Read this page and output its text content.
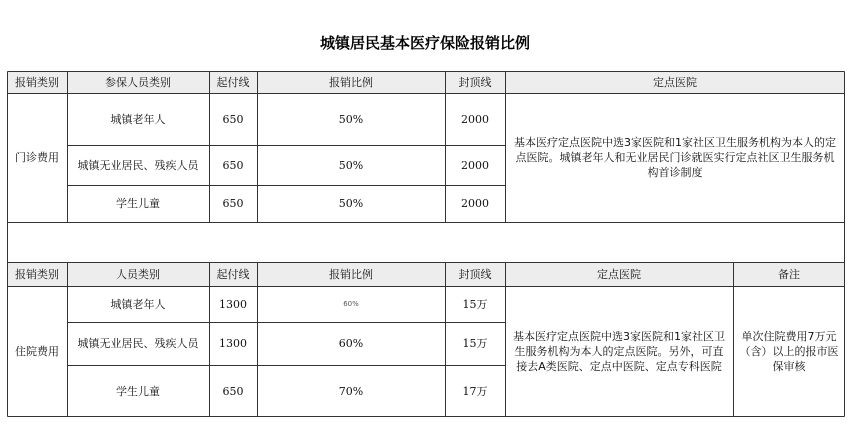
城镇居民基本医疗保险报销比例
报销类别	参保人员类别	起付线	报销比例	封顶线	定点医院
门诊费用
城镇老年人	650	50%	2000
城镇无业居民、残疾人员	650	50%	2000
学生儿童	650	50%	2000
基本医疗定点医院中选3家医院和1家社区卫生服务机构为本人的定点医院。城镇老年人和无业居民门诊就医实行定点社区卫生服务机构首诊制度
报销类别	人员类别	起付线	报销比例	封顶线	定点医院	备注
住院费用
城镇老年人	1300	60%	15万
城镇无业居民、残疾人员	1300	60%	15万
学生儿童	650	70%	17万
基本医疗定点医院中选3家医院和1家社区卫生服务机构为本人的定点医院。另外，可直接去A类医院、定点中医院、定点专科医院
单次住院费用7万元（含）以上的报市医保审核
